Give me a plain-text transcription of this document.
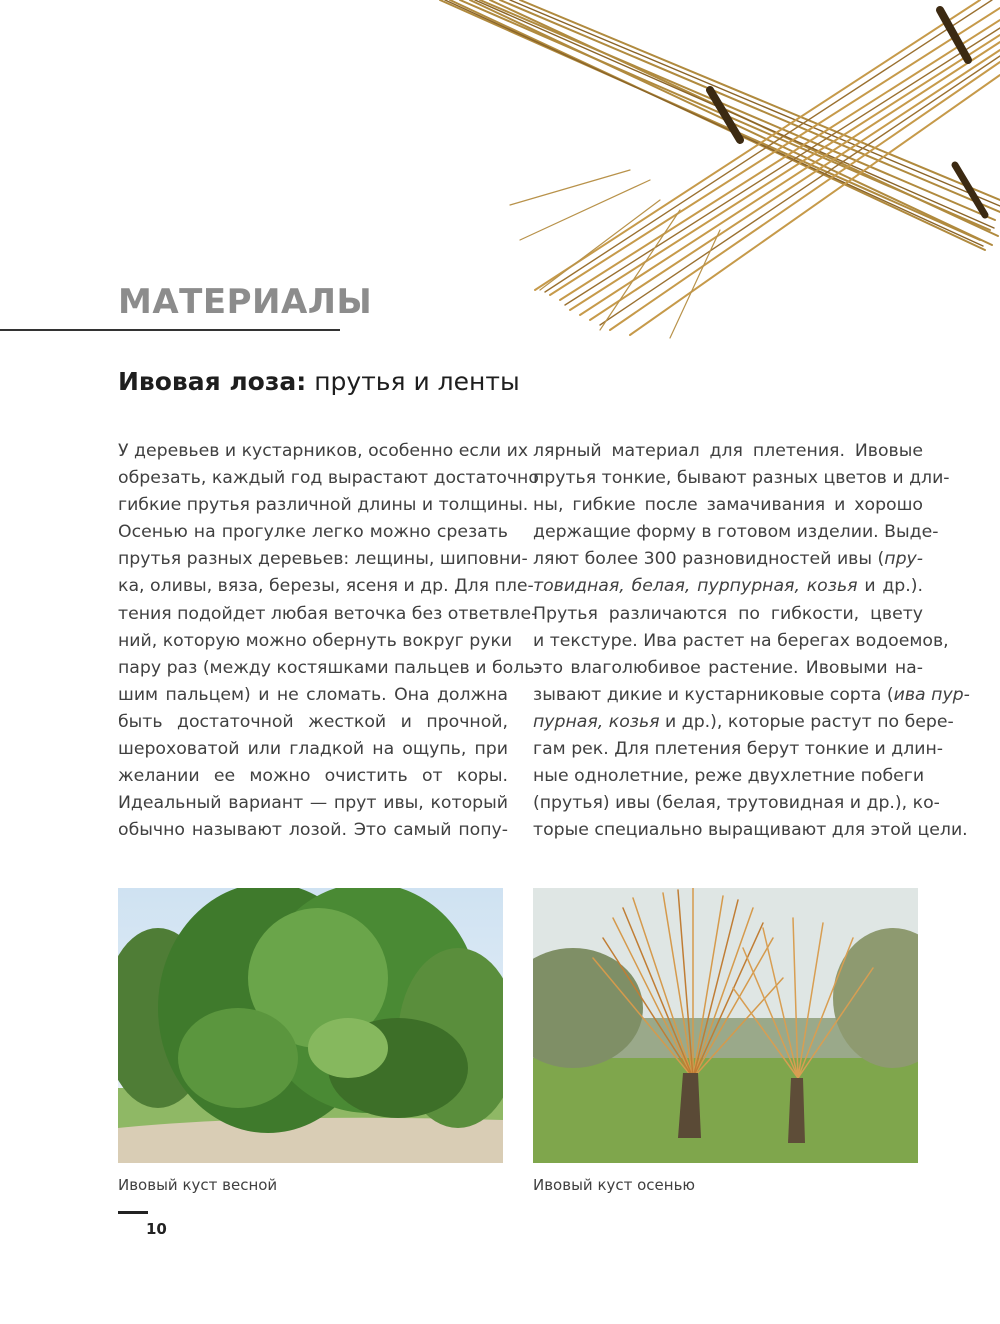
МАТЕРИАЛЫ
Ивовая лоза: прутья и ленты
У деревьев и кустарников, особенно если их
обрезать, каждый год вырастают достаточно
гибкие прутья различной длины и толщины.
Осенью на прогулке легко можно срезать
прутья разных деревьев: лещины, шиповни-
ка, оливы, вяза, березы, ясеня и др. Для пле-
тения подойдет любая веточка без ответвле-
ний, которую можно обернуть вокруг руки
пару раз (между костяшками пальцев и боль-
шим пальцем) и не сломать. Она должна
быть достаточной жесткой и прочной,
шероховатой или гладкой на ощупь, при
желании ее можно очистить от коры.
Идеальный вариант — прут ивы, который
обычно называют лозой. Это самый попу-
лярный материал для плетения. Ивовые
прутья тонкие, бывают разных цветов и дли-
ны, гибкие после замачивания и хорошо
держащие форму в готовом изделии. Выде-
ляют более 300 разновидностей ивы (пру-
товидная, белая, пурпурная, козья и др.).
Прутья различаются по гибкости, цвету
и текстуре. Ива растет на берегах водоемов,
это влаголюбивое растение. Ивовыми на-
зывают дикие и кустарниковые сорта (ива пур-
пурная, козья и др.), которые растут по бере-
гам рек. Для плетения берут тонкие и длин-
ные однолетние, реже двухлетние побеги
(прутья) ивы (белая, трутовидная и др.), ко-
торые специально выращивают для этой цели.
Ивовый куст весной	Ивовый куст осенью
10
